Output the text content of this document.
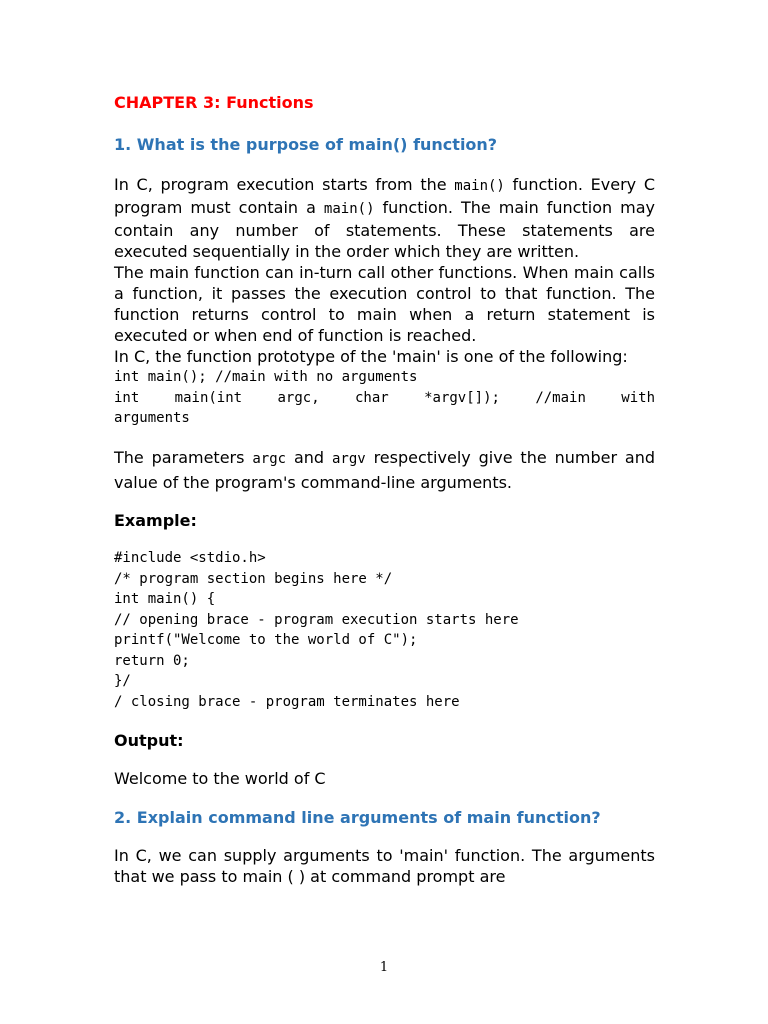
CHAPTER 3: Functions

1. What is the purpose of main() function?

In C, program execution starts from the main() function. Every C program must contain a main() function. The main function may contain any number of statements. These statements are executed sequentially in the order which they are written.

The main function can in-turn call other functions. When main calls a function, it passes the execution control to that function. The function returns control to main when a return statement is executed or when end of function is reached.

In C, the function prototype of the 'main' is one of the following:

int main(); //main with no arguments

int main(int argc, char *argv[]); //main with

arguments

The parameters argc and argv respectively give the number and value of the program's command-line arguments.

Example:

#include <stdio.h>

/* program section begins here */

int main() {

// opening brace - program execution starts here

printf("Welcome to the world of C");

return 0;

}/

/ closing brace - program terminates here

Output:

Welcome to the world of C

2. Explain command line arguments of main function?

In C, we can supply arguments to 'main' function. The arguments that we pass to main ( ) at command prompt are

1
